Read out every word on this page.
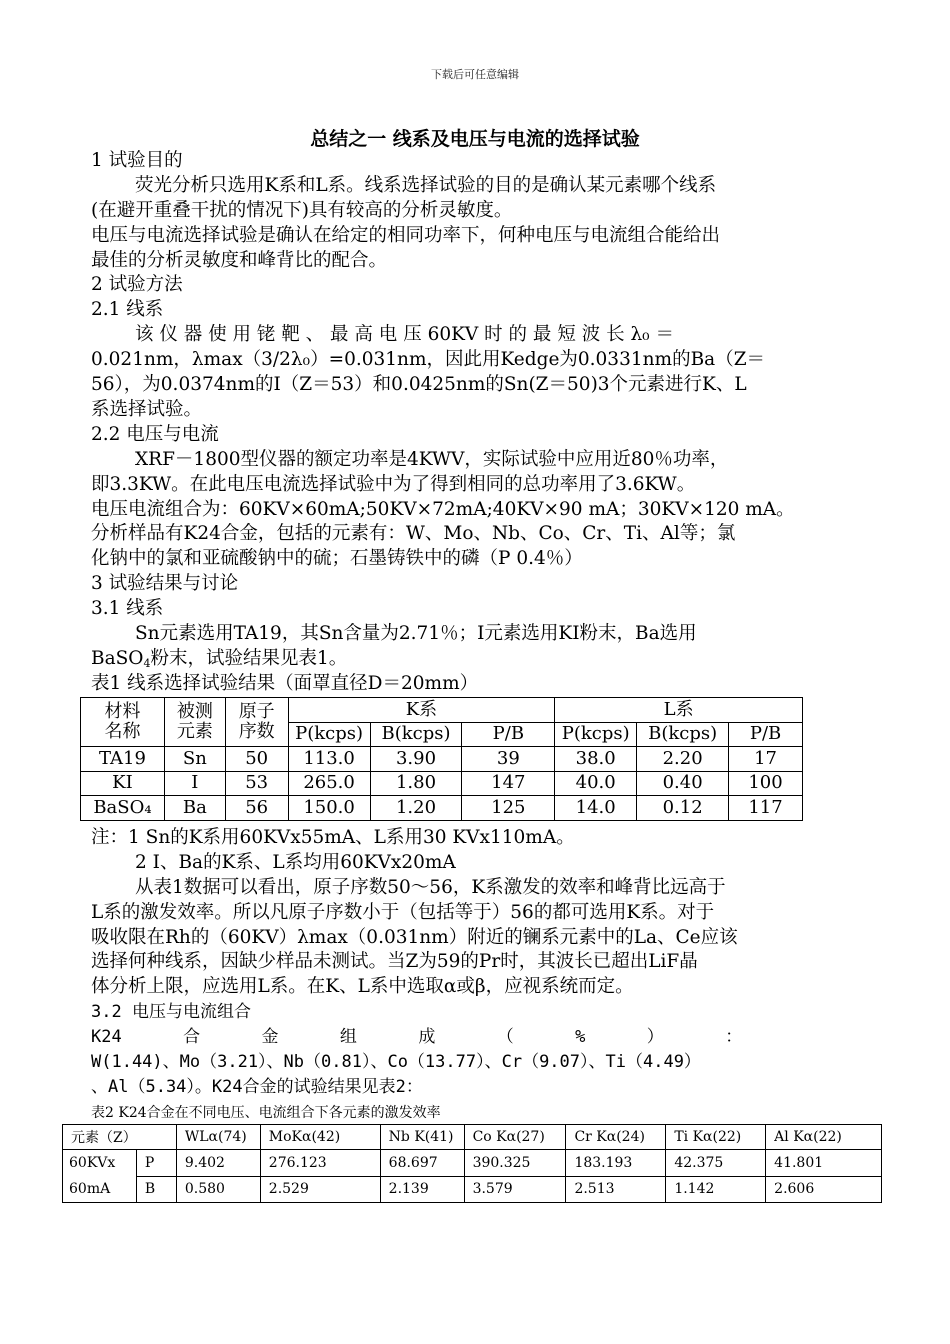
下载后可任意编辑
总结之一 线系及电压与电流的选择试验
1 试验目的
荧光分析只选用K系和L系。线系选择试验的目的是确认某元素哪个线系
(在避开重叠干扰的情况下)具有较高的分析灵敏度。
电压与电流选择试验是确认在给定的相同功率下，何种电压与电流组合能给出
最佳的分析灵敏度和峰背比的配合。
2 试验方法
2.1 线系
该 仪 器 使 用 铑 靶 、 最 高 电 压 60KV 时 的 最 短 波 长 λ₀ ＝
0.021nm，λmax（3/2λ₀）=0.031nm，因此用Kedge为0.0331nm的Ba（Z＝
56），为0.0374nm的I（Z＝53）和0.0425nm的Sn(Z＝50)3个元素进行K、L
系选择试验。
2.2 电压与电流
XRF－1800型仪器的额定功率是4KWV，实际试验中应用近80％功率，
即3.3KW。在此电压电流选择试验中为了得到相同的总功率用了3.6KW。
电压电流组合为：60KV×60mA;50KV×72mA;40KV×90 mA；30KV×120 mA。
分析样品有K24合金，包括的元素有：W、Mo、Nb、Co、Cr、Ti、Al等；氯
化钠中的氯和亚硫酸钠中的硫；石墨铸铁中的磷（P 0.4％）
3 试验结果与讨论
3.1 线系
Sn元素选用TA19，其Sn含量为2.71％；I元素选用KI粉末，Ba选用
BaSO$_4$粉末，试验结果见表1。
表1 线系选择试验结果（面罩直径D＝20mm）
材料
名称	被测
元素	原子
序数	K系			L系		
			P(kcps)	B(kcps)	P/B	P(kcps)	B(kcps)	P/B
TA19	Sn	50	113.0	3.90	39	38.0	2.20	17
KI	I	53	265.0	1.80	147	40.0	0.40	100
BaSO₄	Ba	56	150.0	1.20	125	14.0	0.12	117
注：1 Sn的K系用60KVx55mA、L系用30 KVx110mA。
2 I、Ba的K系、L系均用60KVx20mA
从表1数据可以看出，原子序数50～56，K系激发的效率和峰背比远高于
L系的激发效率。所以凡原子序数小于（包括等于）56的都可选用K系。对于
吸收限在Rh的（60KV）λmax（0.031nm）附近的镧系元素中的La、Ce应该
选择何种线系，因缺少样品未测试。当Z为59的Pr时，其波长已超出LiF晶
体分析上限，应选用L系。在K、L系中选取α或β，应视系统而定。
3.2 电压与电流组合
K24      合      金      组      成      （      %      ）      ：
W(1.44)、Mo（3.21）、Nb（0.81）、Co（13.77）、Cr（9.07）、Ti（4.49）
、Al（5.34）。K24合金的试验结果见表2：
表2 K24合金在不同电压、电流组合下各元素的激发效率
元素（Z）		WLα(74)	MoKα(42)	Nb K(41)	Co Kα(27)	Cr Kα(24)	Ti Kα(22)	Al Kα(22)
60KVx
60mA	P	9.402	276.123	68.697	390.325	183.193	42.375	41.801
	B	0.580	2.529	2.139	3.579	2.513	1.142	2.606
